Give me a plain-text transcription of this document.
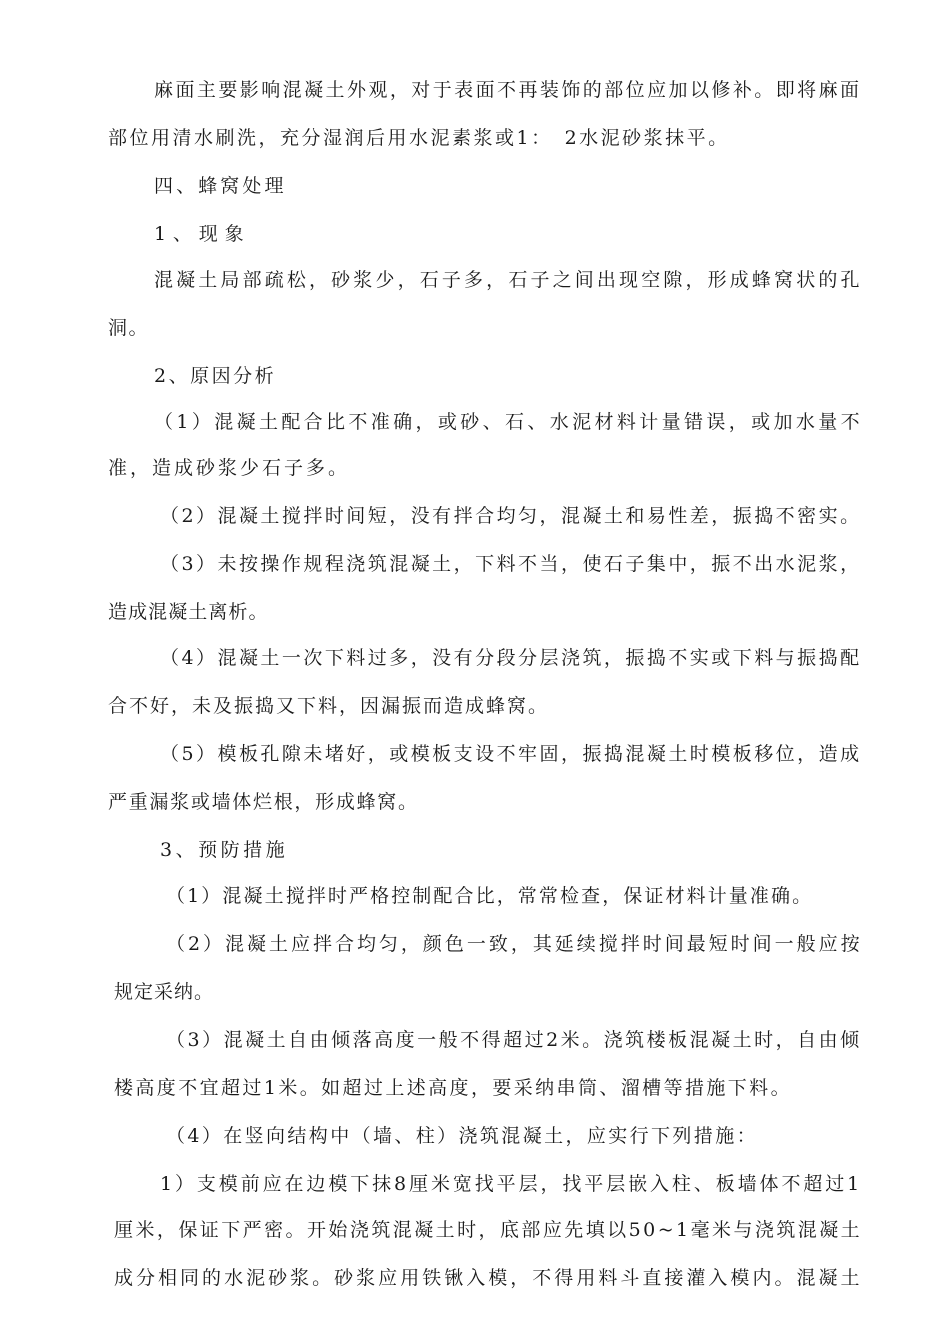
麻面主要影响混凝土外观，对于表面不再装饰的部位应加以修补。即将麻面
部位用清水刷洗，充分湿润后用水泥素浆或1：　2水泥砂浆抹平。
四、蜂窝处理
1、现象
混凝土局部疏松，砂浆少，石子多，石子之间出现空隙，形成蜂窝状的孔
洞。
2、原因分析
（1）混凝土配合比不准确，或砂、石、水泥材料计量错误，或加水量不
准，造成砂浆少石子多。
（2）混凝土搅拌时间短，没有拌合均匀，混凝土和易性差，振捣不密实。
（3）未按操作规程浇筑混凝土，下料不当，使石子集中，振不出水泥浆，
造成混凝土离析。
（4）混凝土一次下料过多，没有分段分层浇筑，振捣不实或下料与振捣配
合不好，未及振捣又下料，因漏振而造成蜂窝。
（5）模板孔隙未堵好，或模板支设不牢固，振捣混凝土时模板移位，造成
严重漏浆或墙体烂根，形成蜂窝。
3、预防措施
（1）混凝土搅拌时严格控制配合比，常常检查，保证材料计量准确。
（2）混凝土应拌合均匀，颜色一致，其延续搅拌时间最短时间一般应按
规定采纳。
（3）混凝土自由倾落高度一般不得超过2米。浇筑楼板混凝土时，自由倾
楼高度不宜超过1米。如超过上述高度，要采纳串筒、溜槽等措施下料。
（4）在竖向结构中（墙、柱）浇筑混凝土，应实行下列措施：
1）支模前应在边模下抹8厘米宽找平层，找平层嵌入柱、板墙体不超过1
厘米，保证下严密。开始浇筑混凝土时，底部应先填以50~1毫米与浇筑混凝土
成分相同的水泥砂浆。砂浆应用铁锹入模，不得用料斗直接灌入模内。混凝土
